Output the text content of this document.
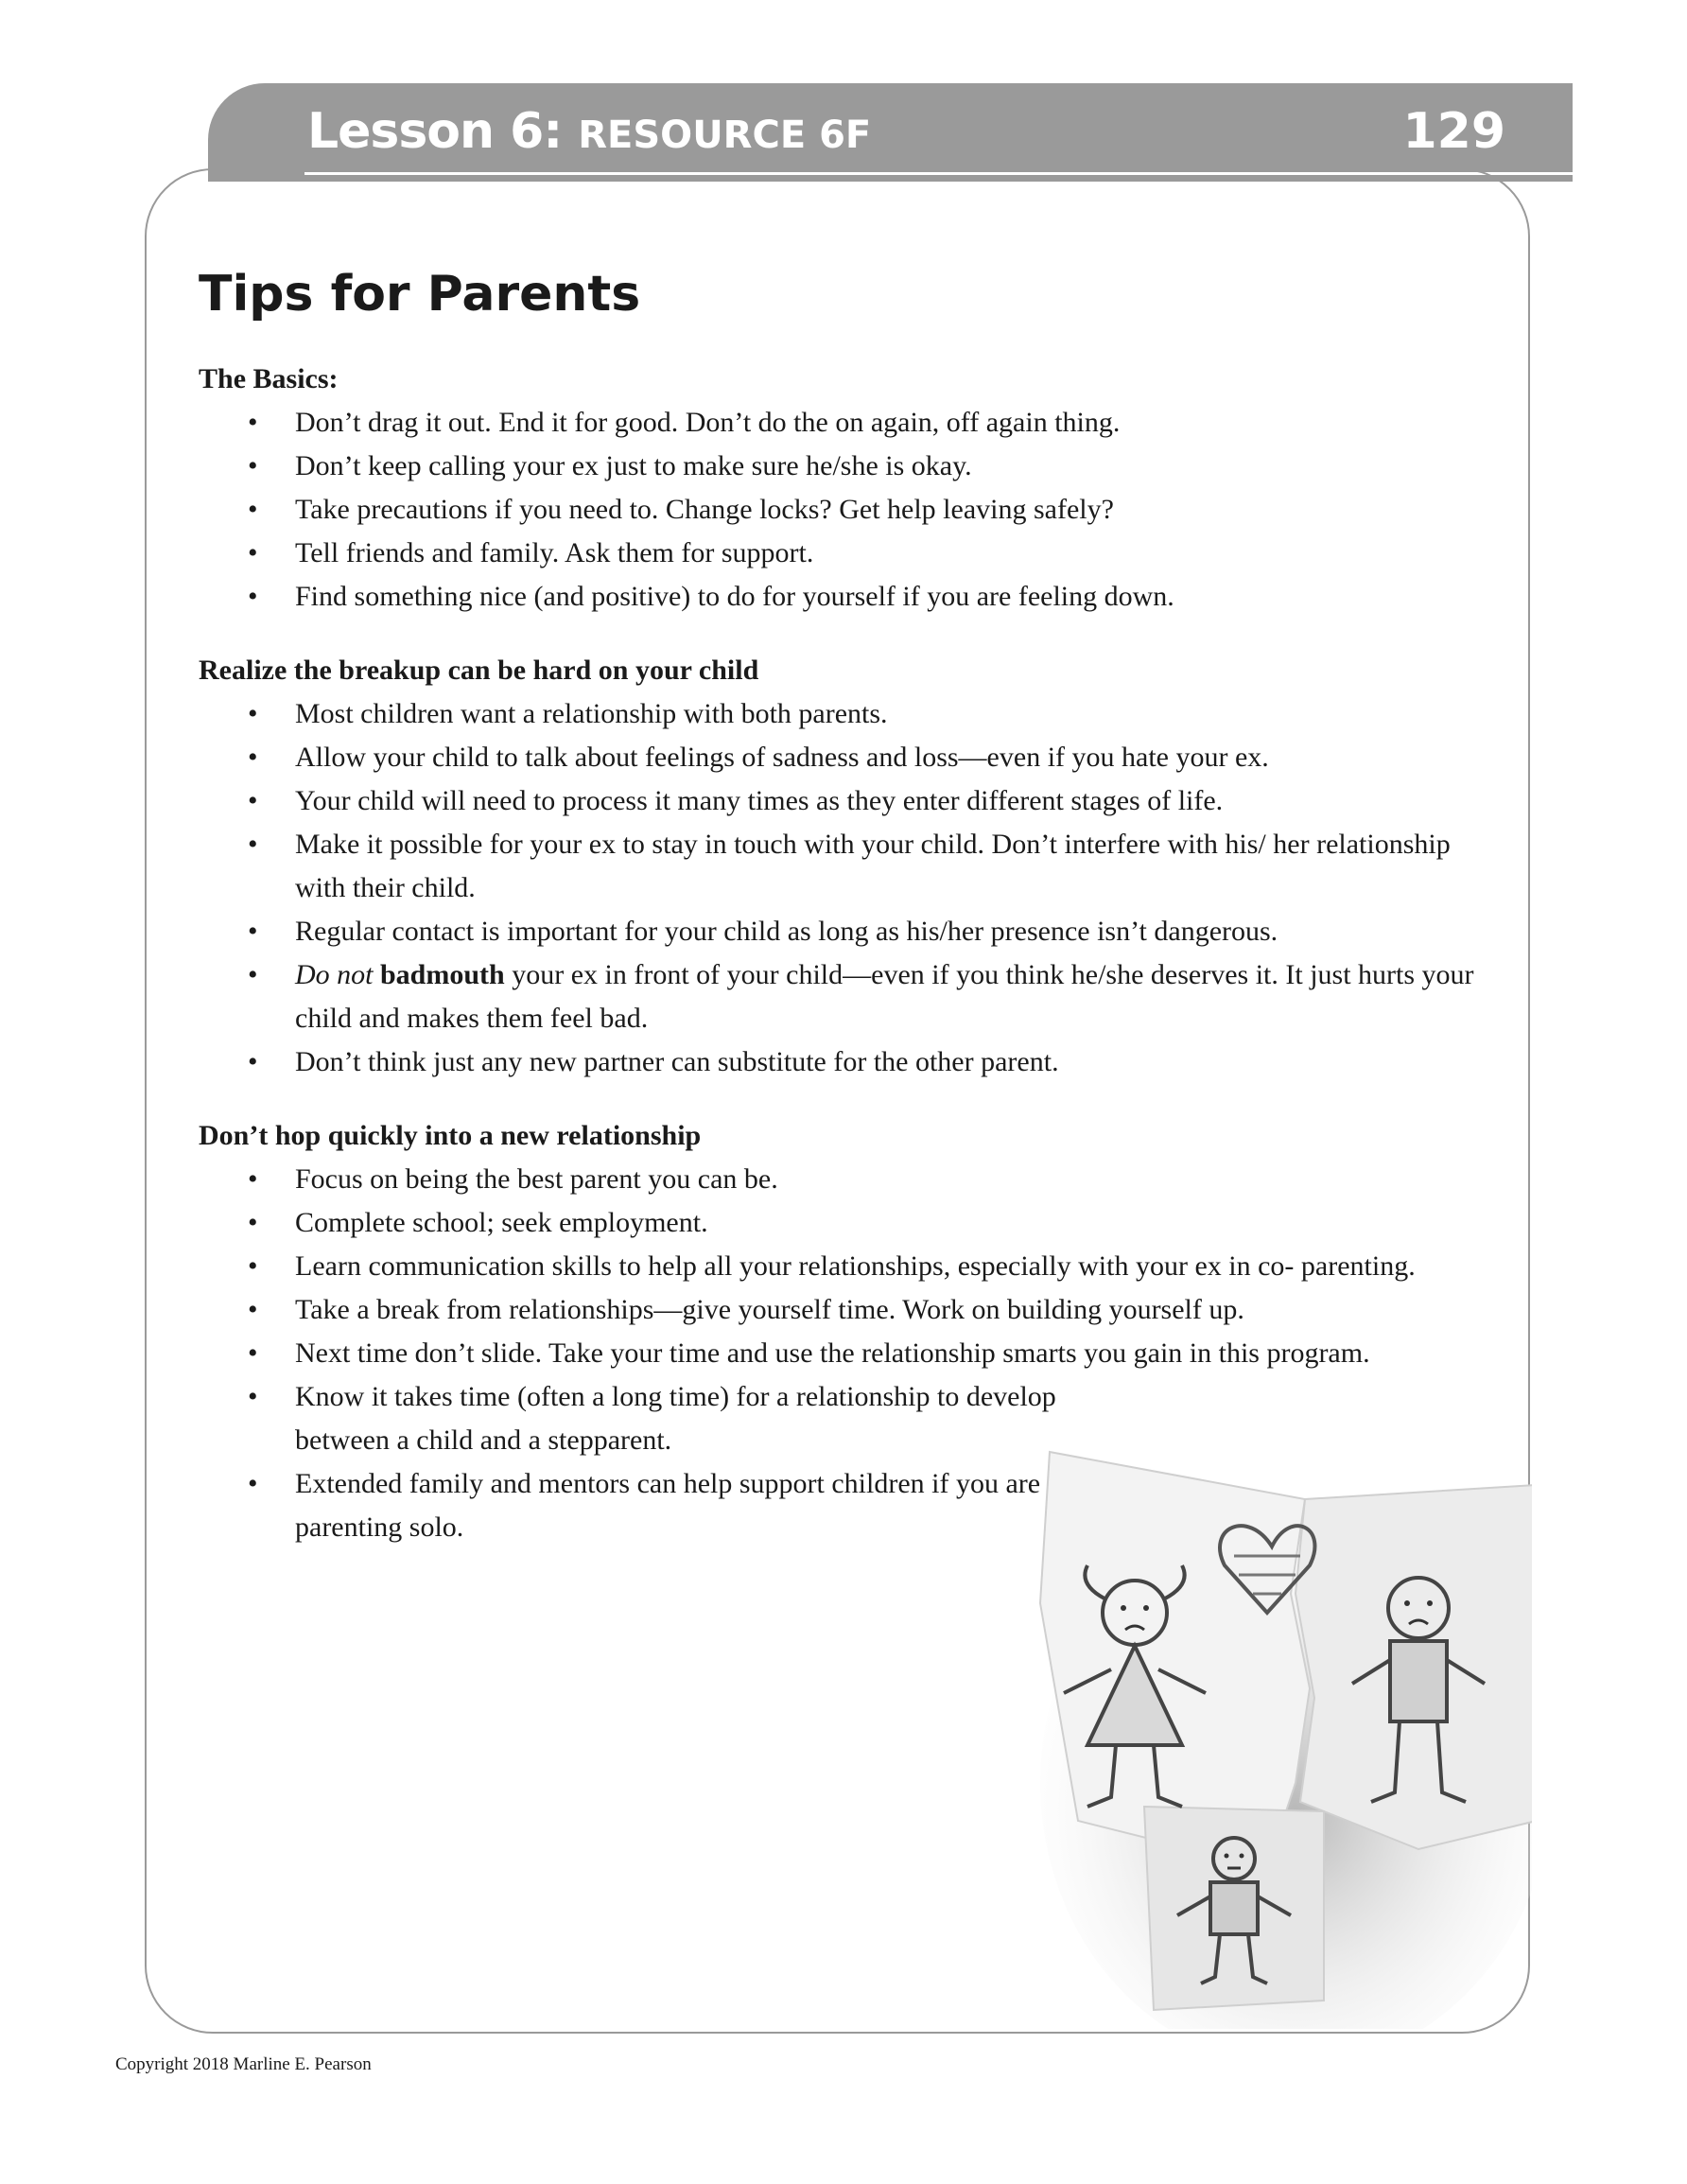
Lesson 6: RESOURCE 6F	129
Tips for Parents
The Basics:
• Don’t drag it out. End it for good. Don’t do the on again, off again thing.
• Don’t keep calling your ex just to make sure he/she is okay.
• Take precautions if you need to. Change locks? Get help leaving safely?
• Tell friends and family. Ask them for support.
• Find something nice (and positive) to do for yourself if you are feeling down.
Realize the breakup can be hard on your child
• Most children want a relationship with both parents.
• Allow your child to talk about feelings of sadness and loss—even if you hate your ex.
• Your child will need to process it many times as they enter different stages of life.
• Make it possible for your ex to stay in touch with your child. Don’t interfere with his/ her relationship with their child.
• Regular contact is important for your child as long as his/her presence isn’t dangerous.
• Do not badmouth your ex in front of your child—even if you think he/she deserves it. It just hurts your child and makes them feel bad.
• Don’t think just any new partner can substitute for the other parent.
Don’t hop quickly into a new relationship
• Focus on being the best parent you can be.
• Complete school; seek employment.
• Learn communication skills to help all your relationships, especially with your ex in co- parenting.
• Take a break from relationships—give yourself time. Work on building yourself up.
• Next time don’t slide. Take your time and use the relationship smarts you gain in this program.
• Know it takes time (often a long time) for a relationship to develop between a child and a stepparent.
• Extended family and mentors can help support children if you are parenting solo.
Copyright 2018 Marline E. Pearson
